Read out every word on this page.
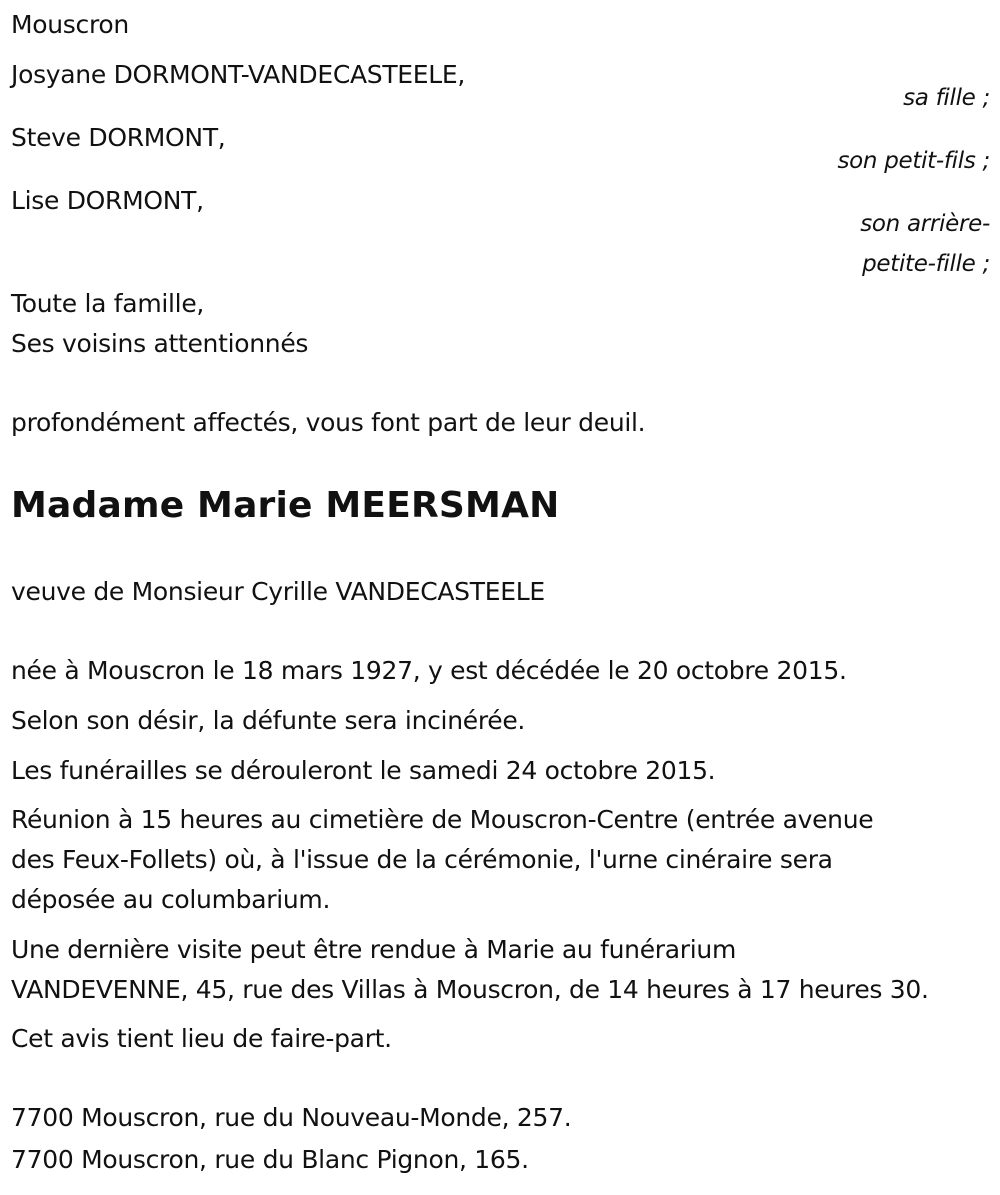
Mouscron
Josyane DORMONT-VANDECASTEELE,
sa fille ;
Steve DORMONT,
son petit-fils ;
Lise DORMONT,
son arrière-
petite-fille ;
Toute la famille,
Ses voisins attentionnés
profondément affectés, vous font part de leur deuil.
Madame Marie MEERSMAN
veuve de Monsieur Cyrille VANDECASTEELE
née à Mouscron le 18 mars 1927, y est décédée le 20 octobre 2015.
Selon son désir, la défunte sera incinérée.
Les funérailles se dérouleront le samedi 24 octobre 2015.
Réunion à 15 heures au cimetière de Mouscron-Centre (entrée avenue
des Feux-Follets) où, à l'issue de la cérémonie, l'urne cinéraire sera
déposée au columbarium.
Une dernière visite peut être rendue à Marie au funérarium
VANDEVENNE, 45, rue des Villas à Mouscron, de 14 heures à 17 heures 30.
Cet avis tient lieu de faire-part.
7700 Mouscron, rue du Nouveau-Monde, 257.
7700 Mouscron, rue du Blanc Pignon, 165.
